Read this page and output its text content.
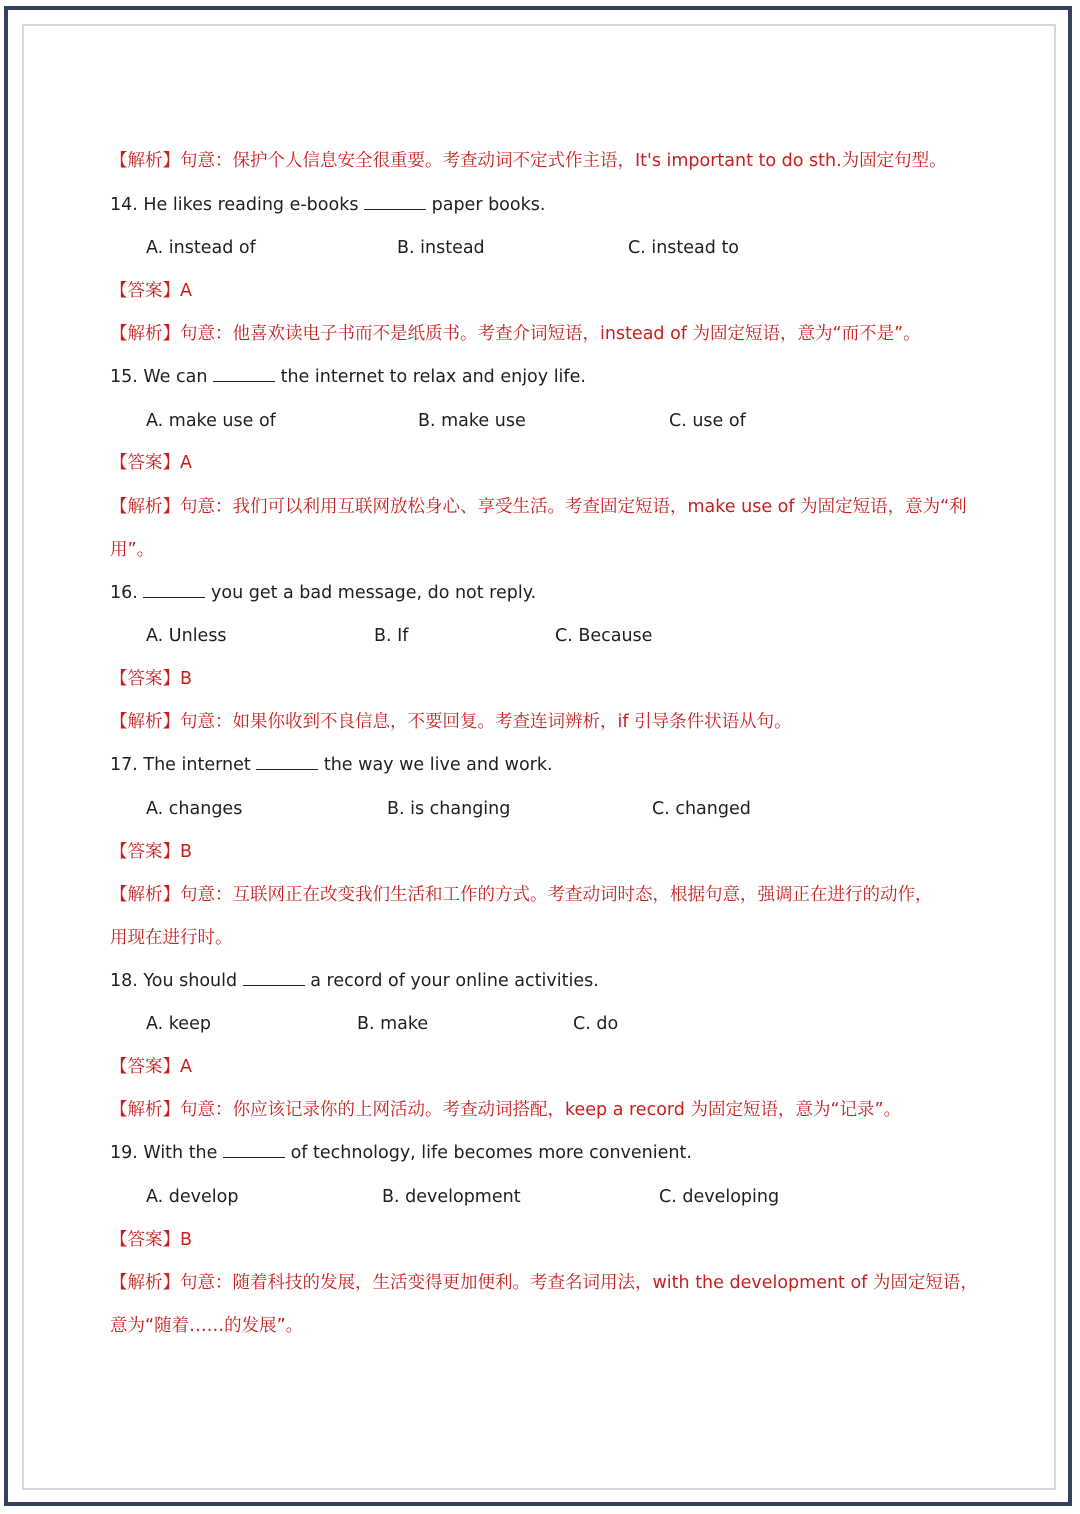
【解析】句意：保护个人信息安全很重要。考查动词不定式作主语，It's important to do sth.为固定句型。
14. He likes reading e-books	paper books.
A. instead of	B. instead	C. instead to
【答案】A
【解析】句意：他喜欢读电子书而不是纸质书。考查介词短语，instead of 为固定短语，意为“而不是”。
15. We can	the internet to relax and enjoy life.
A. make use of	B. make use	C. use of
【答案】A
【解析】句意：我们可以利用互联网放松身心、享受生活。考查固定短语，make use of 为固定短语，意为“利
用”。
16.	you get a bad message, do not reply.
A. Unless	B. If	C. Because
【答案】B
【解析】句意：如果你收到不良信息，不要回复。考查连词辨析，if 引导条件状语从句。
17. The internet	the way we live and work.
A. changes	B. is changing	C. changed
【答案】B
【解析】句意：互联网正在改变我们生活和工作的方式。考查动词时态，根据句意，强调正在进行的动作，
用现在进行时。
18. You should	a record of your online activities.
A. keep	B. make	C. do
【答案】A
【解析】句意：你应该记录你的上网活动。考查动词搭配，keep a record 为固定短语，意为“记录”。
19. With the	of technology, life becomes more convenient.
A. develop	B. development	C. developing
【答案】B
【解析】句意：随着科技的发展，生活变得更加便利。考查名词用法，with the development of 为固定短语，
意为“随着……的发展”。
